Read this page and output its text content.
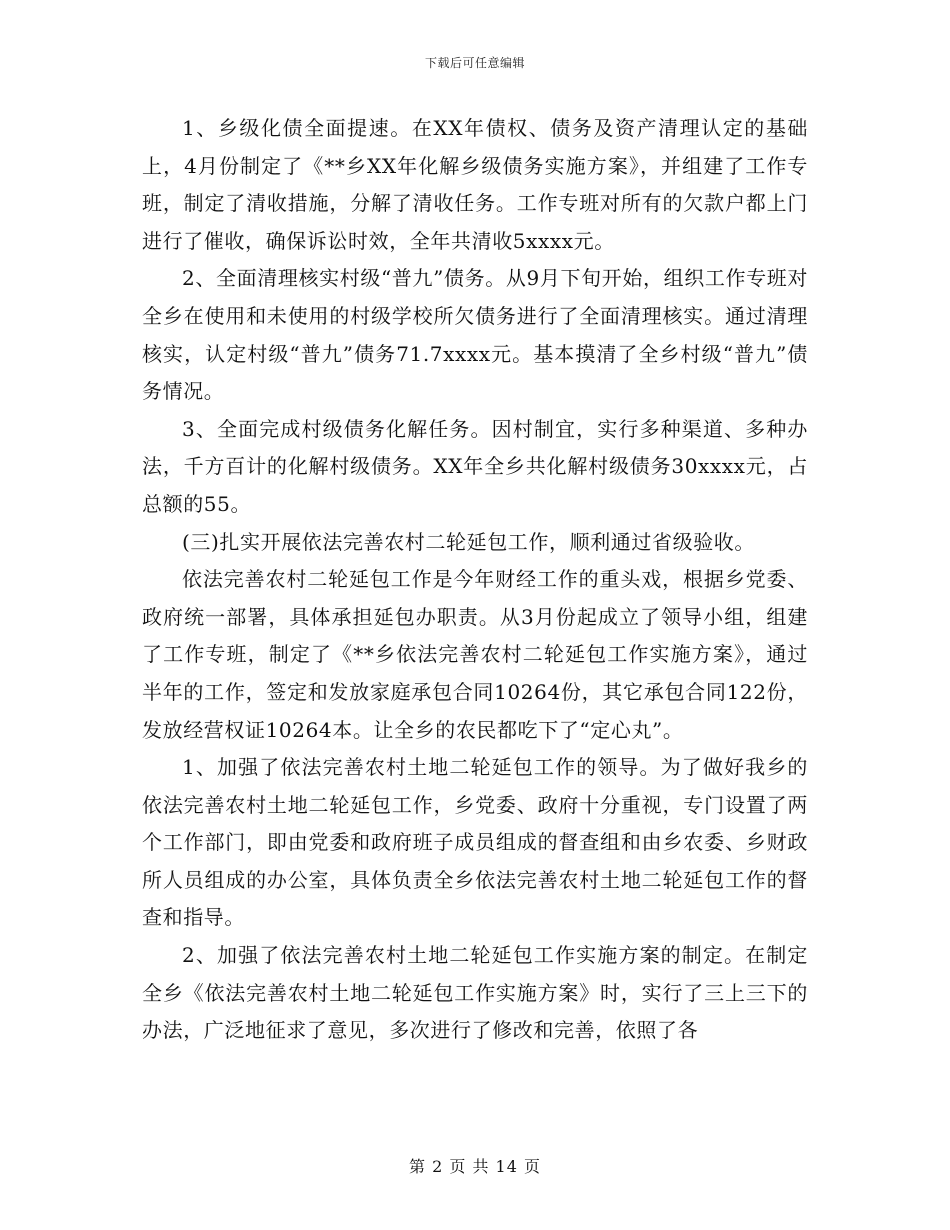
下载后可任意编辑

1、乡级化债全面提速。在XX年债权、债务及资产清理认定的基础上，4月份制定了《**乡XX年化解乡级债务实施方案》，并组建了工作专班，制定了清收措施，分解了清收任务。工作专班对所有的欠款户都上门进行了催收，确保诉讼时效，全年共清收5xxxx元。

2、全面清理核实村级“普九”债务。从9月下旬开始，组织工作专班对全乡在使用和未使用的村级学校所欠债务进行了全面清理核实。通过清理核实，认定村级“普九”债务71.7xxxx元。基本摸清了全乡村级“普九”债务情况。

3、全面完成村级债务化解任务。因村制宜，实行多种渠道、多种办法，千方百计的化解村级债务。XX年全乡共化解村级债务30xxxx元，占总额的55。

(三)扎实开展依法完善农村二轮延包工作，顺利通过省级验收。

依法完善农村二轮延包工作是今年财经工作的重头戏，根据乡党委、政府统一部署，具体承担延包办职责。从3月份起成立了领导小组，组建了工作专班，制定了《**乡依法完善农村二轮延包工作实施方案》，通过半年的工作，签定和发放家庭承包合同10264份，其它承包合同122份，发放经营权证10264本。让全乡的农民都吃下了“定心丸”。

1、加强了依法完善农村土地二轮延包工作的领导。为了做好我乡的依法完善农村土地二轮延包工作，乡党委、政府十分重视，专门设置了两个工作部门，即由党委和政府班子成员组成的督查组和由乡农委、乡财政所人员组成的办公室，具体负责全乡依法完善农村土地二轮延包工作的督查和指导。

2、加强了依法完善农村土地二轮延包工作实施方案的制定。在制定全乡《依法完善农村土地二轮延包工作实施方案》时，实行了三上三下的办法，广泛地征求了意见，多次进行了修改和完善，依照了各

第 2 页 共 14 页
